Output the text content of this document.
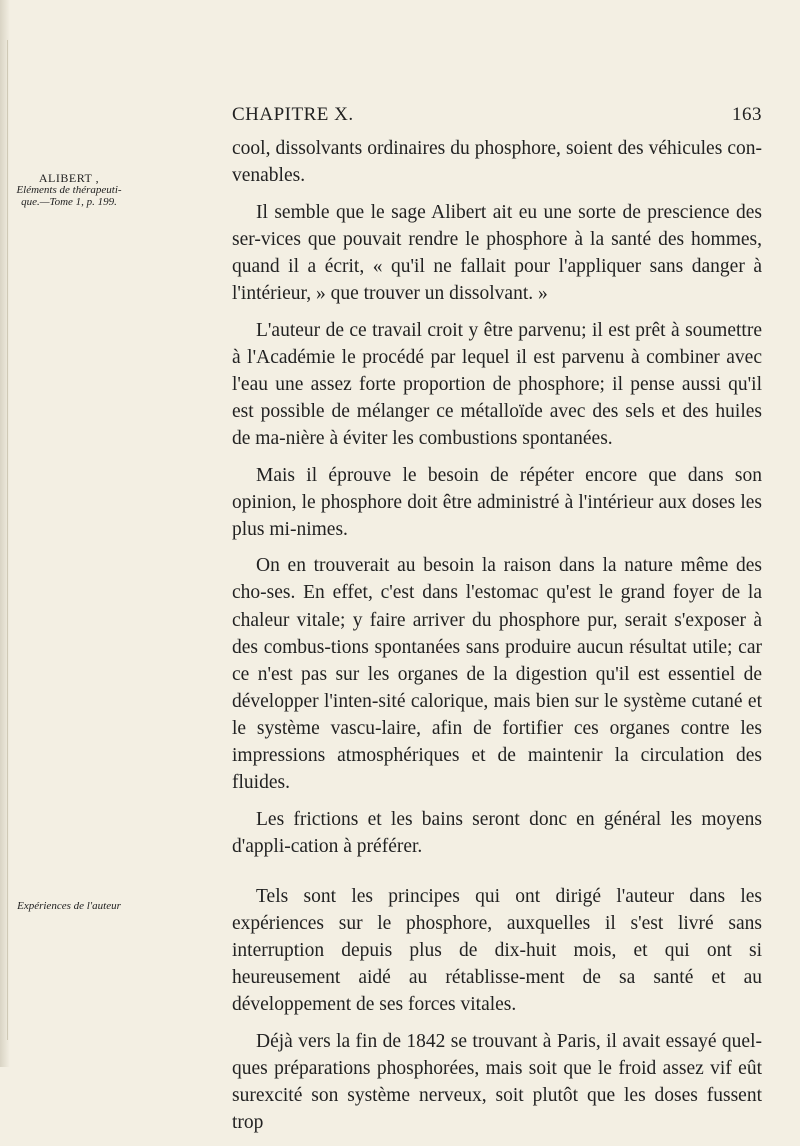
CHAPITRE X.	163
ALIBERT ,
Eléments de thérapeuti-que.—Tome 1, p. 199.
Expériences de l'auteur

cool, dissolvants ordinaires du phosphore, soient des véhicules con-venables.

Il semble que le sage Alibert ait eu une sorte de prescience des ser-vices que pouvait rendre le phosphore à la santé des hommes, quand il a écrit, « qu'il ne fallait pour l'appliquer sans danger à l'intérieur, » que trouver un dissolvant. »

L'auteur de ce travail croit y être parvenu; il est prêt à soumettre à l'Académie le procédé par lequel il est parvenu à combiner avec l'eau une assez forte proportion de phosphore; il pense aussi qu'il est possible de mélanger ce métalloïde avec des sels et des huiles de ma-nière à éviter les combustions spontanées.

Mais il éprouve le besoin de répéter encore que dans son opinion, le phosphore doit être administré à l'intérieur aux doses les plus mi-nimes.

On en trouverait au besoin la raison dans la nature même des cho-ses. En effet, c'est dans l'estomac qu'est le grand foyer de la chaleur vitale; y faire arriver du phosphore pur, serait s'exposer à des combus-tions spontanées sans produire aucun résultat utile; car ce n'est pas sur les organes de la digestion qu'il est essentiel de développer l'inten-sité calorique, mais bien sur le système cutané et le système vascu-laire, afin de fortifier ces organes contre les impressions atmosphériques et de maintenir la circulation des fluides.

Les frictions et les bains seront donc en général les moyens d'appli-cation à préférer.

Tels sont les principes qui ont dirigé l'auteur dans les expériences sur le phosphore, auxquelles il s'est livré sans interruption depuis plus de dix-huit mois, et qui ont si heureusement aidé au rétablisse-ment de sa santé et au développement de ses forces vitales.

Déjà vers la fin de 1842 se trouvant à Paris, il avait essayé quel-ques préparations phosphorées, mais soit que le froid assez vif eût surexcité son système nerveux, soit plutôt que les doses fussent trop
